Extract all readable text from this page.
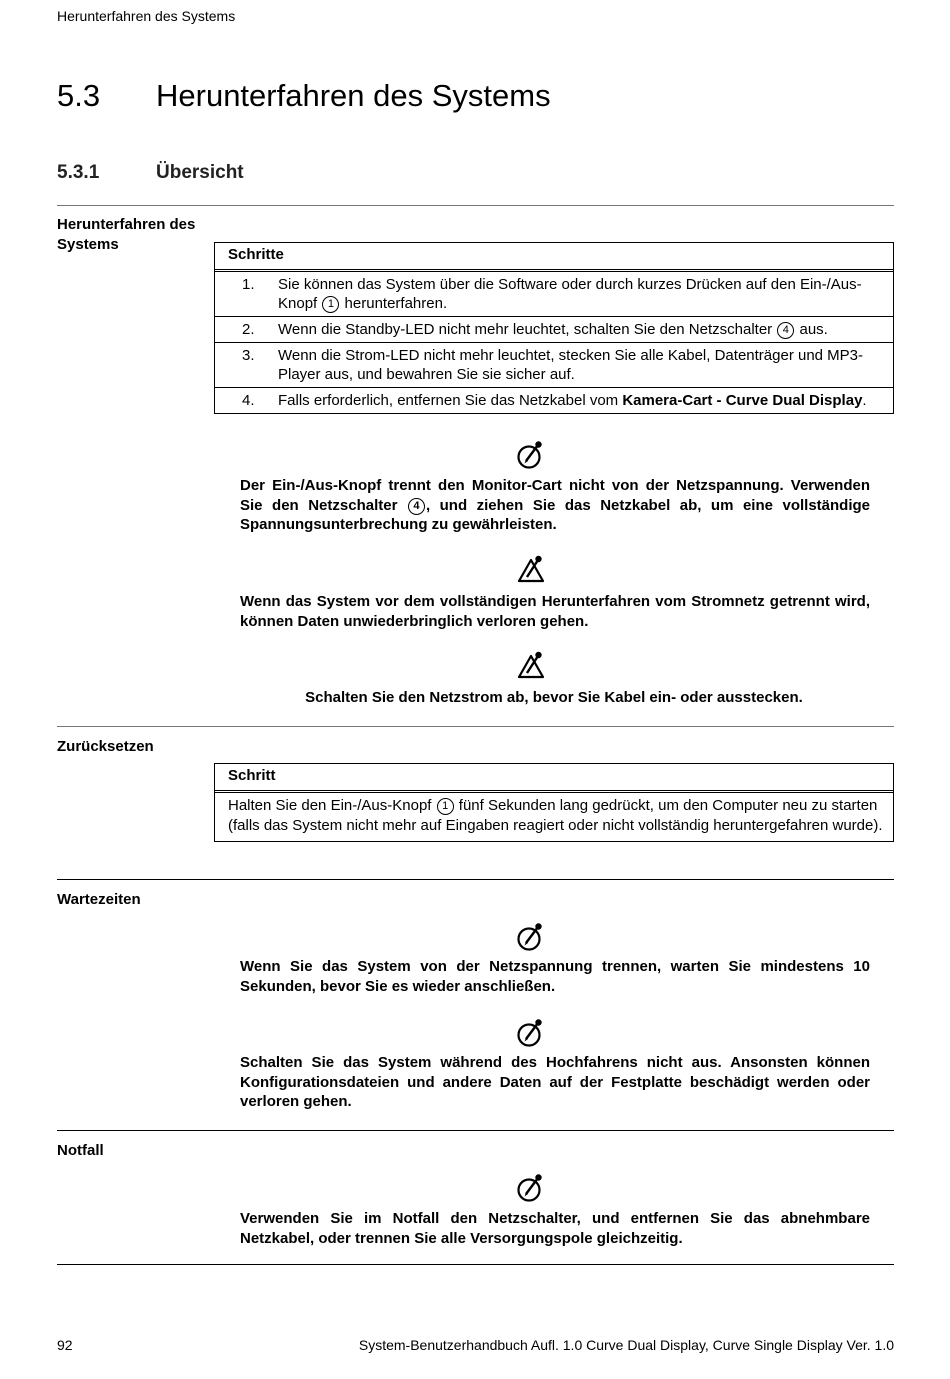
Herunterfahren des Systems
5.3	Herunterfahren des Systems
5.3.1	Übersicht
Herunterfahren des Systems
Schritte
1.	Sie können das System über die Software oder durch kurzes Drücken auf den Ein-/Aus-Knopf 1 herunterfahren.
2.	Wenn die Standby-LED nicht mehr leuchtet, schalten Sie den Netzschalter 4 aus.
3.	Wenn die Strom-LED nicht mehr leuchtet, stecken Sie alle Kabel, Datenträger und MP3-Player aus, und bewahren Sie sie sicher auf.
4.	Falls erforderlich, entfernen Sie das Netzkabel vom Kamera-Cart - Curve Dual Display.
Der Ein-/Aus-Knopf trennt den Monitor-Cart nicht von der Netzspannung. Verwenden Sie den Netzschalter 4 , und ziehen Sie das Netzkabel ab, um eine vollständige Spannungsunterbrechung zu gewährleisten.
Wenn das System vor dem vollständigen Herunterfahren vom Stromnetz getrennt wird, können Daten unwiederbringlich verloren gehen.
Schalten Sie den Netzstrom ab, bevor Sie Kabel ein- oder ausstecken.
Zurücksetzen
Schritt
Halten Sie den Ein-/Aus-Knopf 1 fünf Sekunden lang gedrückt, um den Computer neu zu starten (falls das System nicht mehr auf Eingaben reagiert oder nicht vollständig heruntergefahren wurde).
Wartezeiten
Wenn Sie das System von der Netzspannung trennen, warten Sie mindestens 10 Sekunden, bevor Sie es wieder anschließen.
Schalten Sie das System während des Hochfahrens nicht aus. Ansonsten können Konfigurationsdateien und andere Daten auf der Festplatte beschädigt werden oder verloren gehen.
Notfall
Verwenden Sie im Notfall den Netzschalter, und entfernen Sie das abnehmbare Netzkabel, oder trennen Sie alle Versorgungspole gleichzeitig.
92	System-Benutzerhandbuch Aufl. 1.0 Curve Dual Display, Curve Single Display Ver. 1.0
